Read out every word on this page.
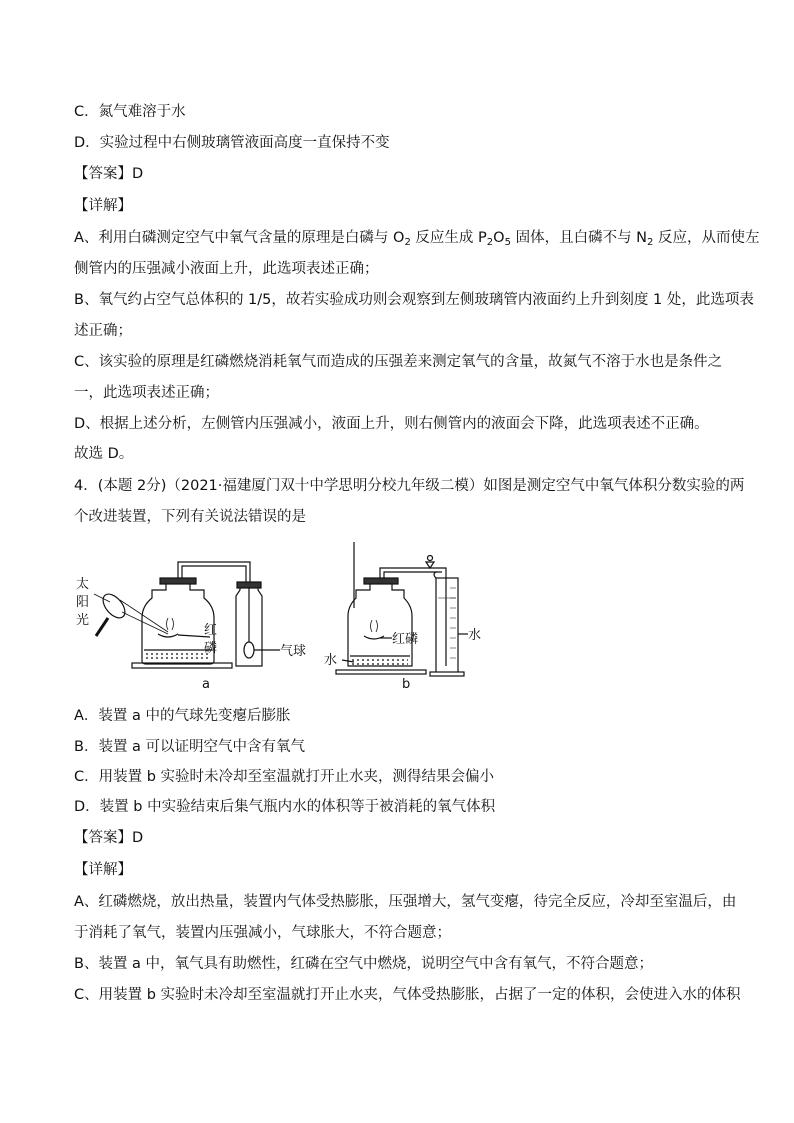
C．氮气难溶于水
D．实验过程中右侧玻璃管液面高度一直保持不变
【答案】D
【详解】
A、利用白磷测定空气中氧气含量的原理是白磷与 $O_2$ 反应生成 $P_2O_5$ 固体，且白磷不与 $N_2$ 反应，从而使左
侧管内的压强减小液面上升，此选项表述正确；
B、氧气约占空气总体积的 1/5，故若实验成功则会观察到左侧玻璃管内液面约上升到刻度 1 处，此选项表
述正确；
C、该实验的原理是红磷燃烧消耗氧气而造成的压强差来测定氧气的含量，故氮气不溶于水也是条件之
一，此选项表述正确；
D、根据上述分析，左侧管内压强减小，液面上升，则右侧管内的液面会下降，此选项表述不正确。
故选 D。
4．(本题 2分)（2021·福建厦门双十中学思明分校九年级二模）如图是测定空气中氧气体积分数实验的两
个改进装置，下列有关说法错误的是
太
阳
光
红
磷	气球
a
红磷
水
水
b
A．装置 a 中的气球先变瘪后膨胀
B．装置 a 可以证明空气中含有氧气
C．用装置 b 实验时未冷却至室温就打开止水夹，测得结果会偏小
D．装置 b 中实验结束后集气瓶内水的体积等于被消耗的氧气体积
【答案】D
【详解】
A、红磷燃烧，放出热量，装置内气体受热膨胀，压强增大，氢气变瘪，待完全反应，冷却至室温后，由
于消耗了氧气，装置内压强减小，气球胀大，不符合题意；
B、装置 a 中，氧气具有助燃性，红磷在空气中燃烧，说明空气中含有氧气，不符合题意；
C、用装置 b 实验时未冷却至室温就打开止水夹，气体受热膨胀，占据了一定的体积，会使进入水的体积
